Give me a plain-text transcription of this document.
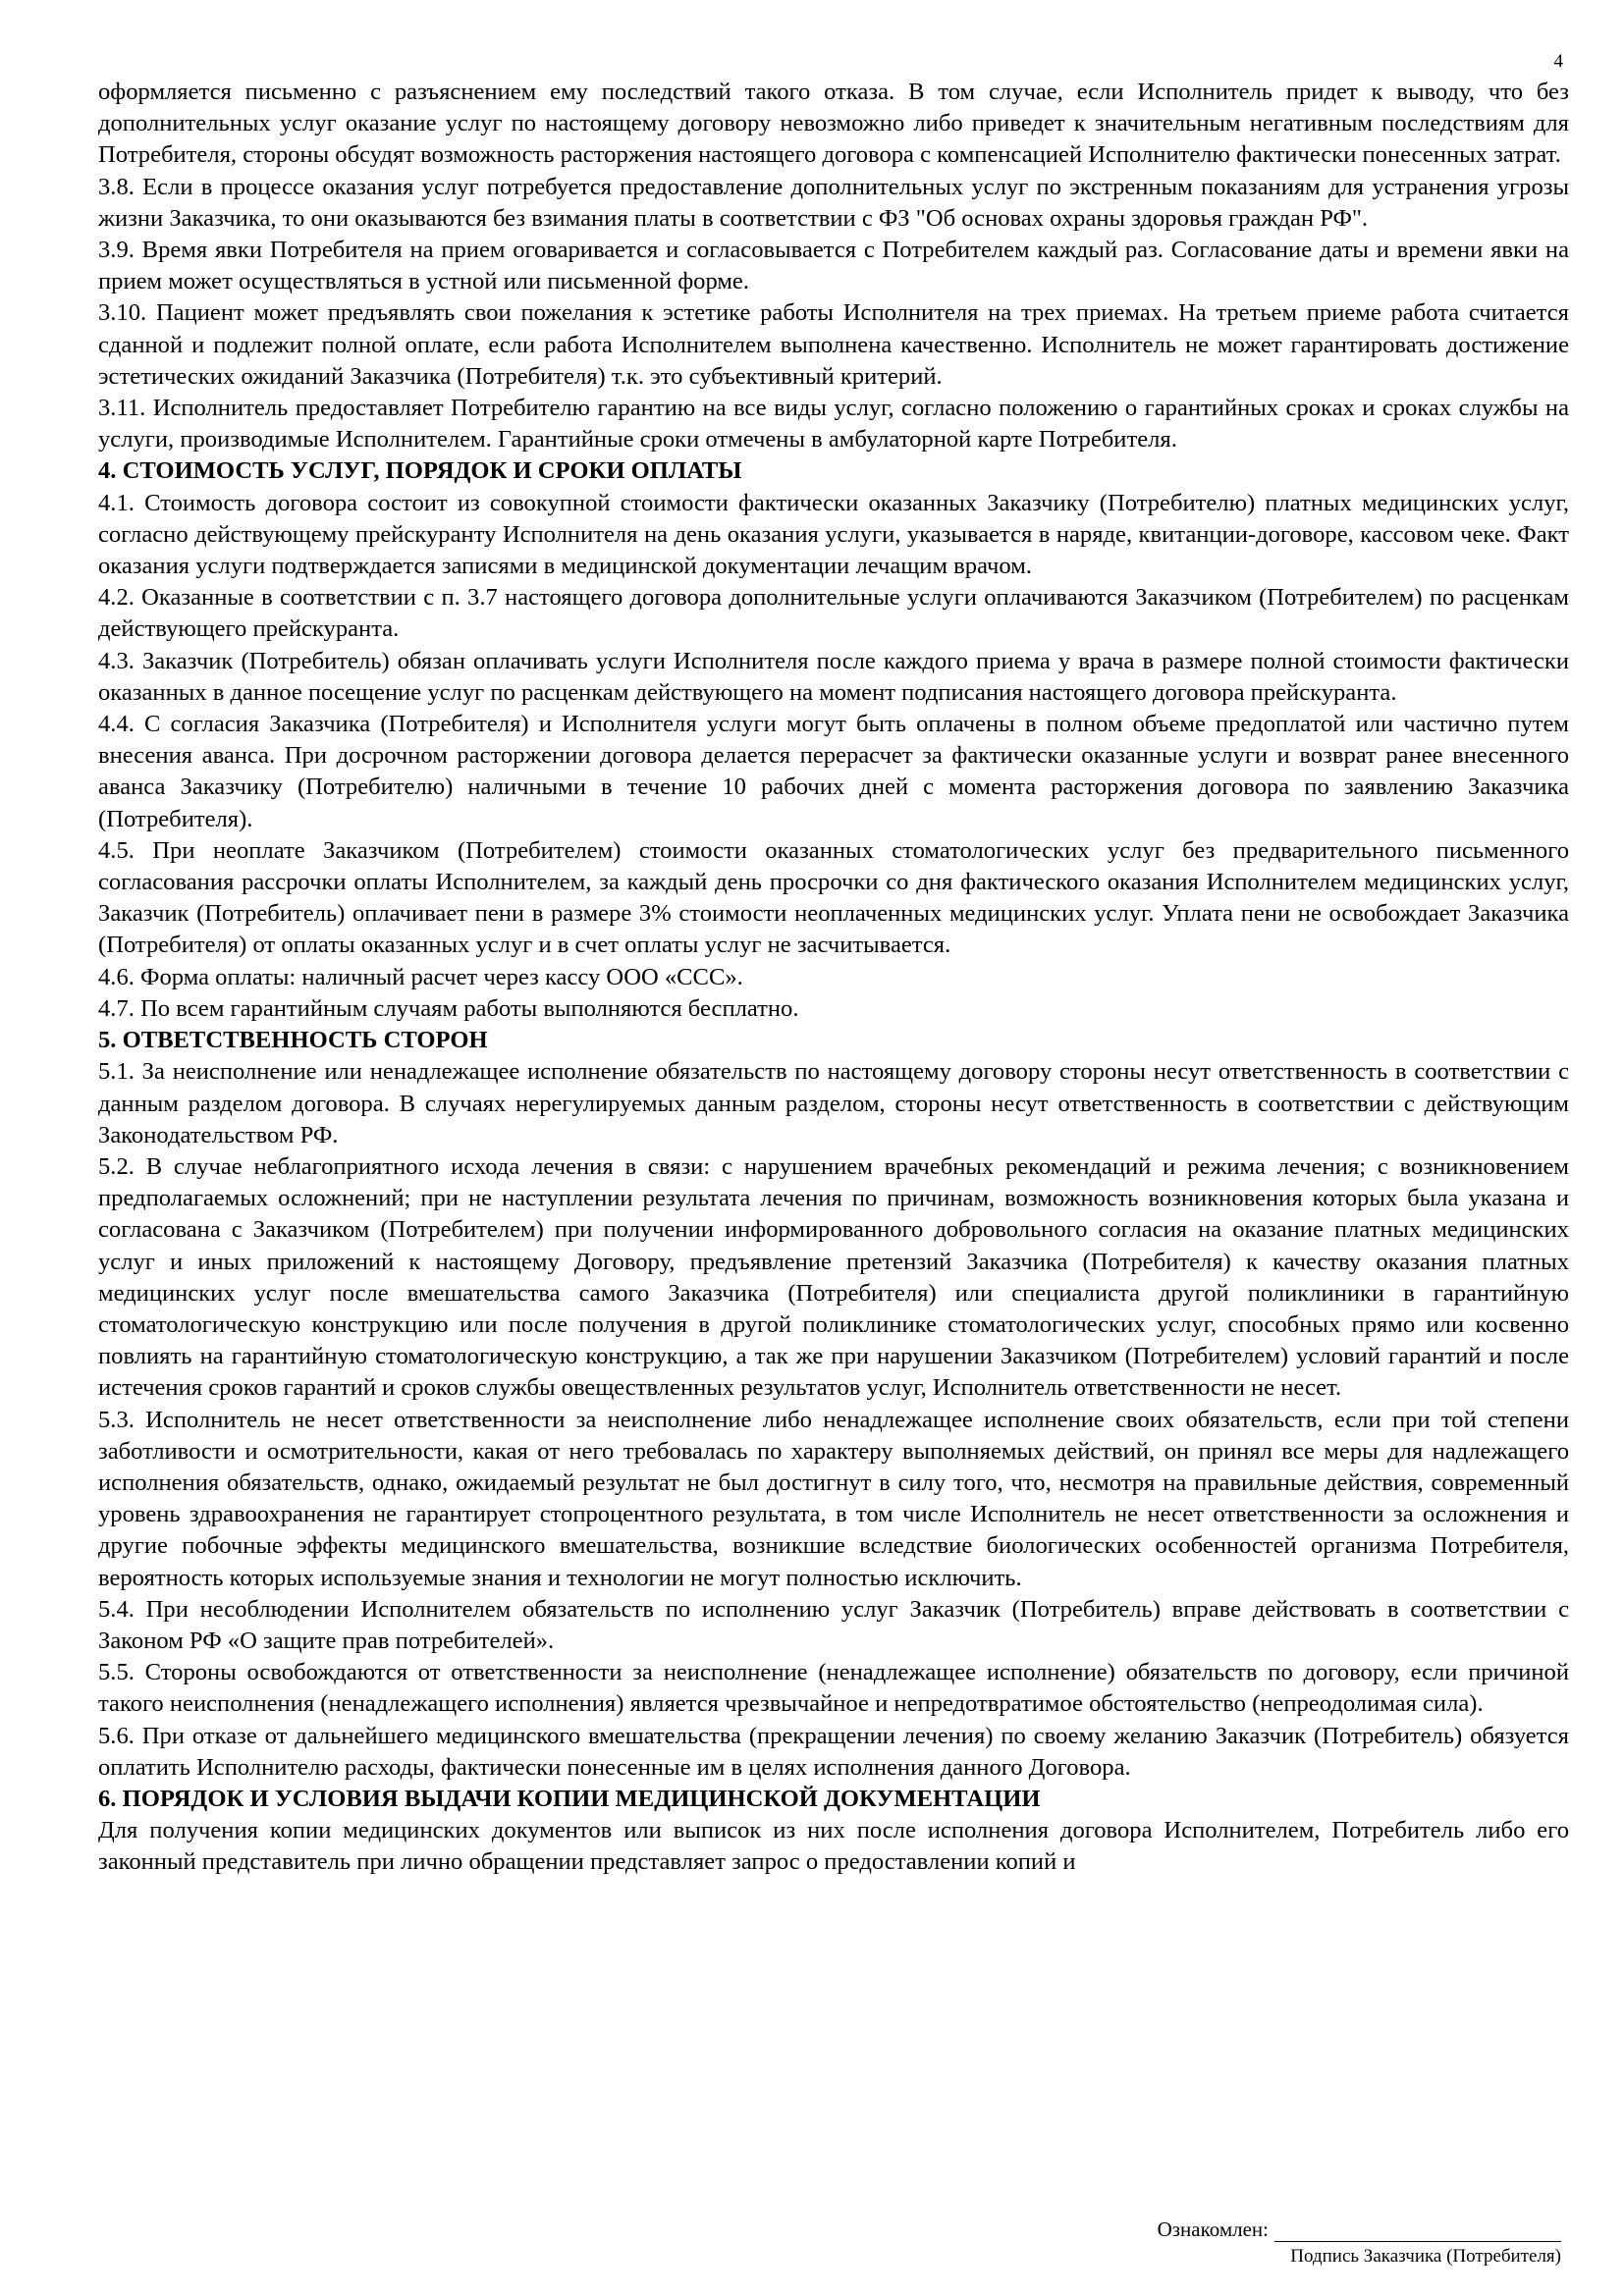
4

оформляется письменно с разъяснением ему последствий такого отказа. В том случае, если Исполнитель придет к выводу, что без дополнительных услуг оказание услуг по настоящему договору невозможно либо приведет к значительным негативным последствиям для Потребителя, стороны обсудят возможность расторжения настоящего договора с компенсацией Исполнителю фактически понесенных затрат.

3.8. Если в процессе оказания услуг потребуется предоставление дополнительных услуг по экстренным показаниям для устранения угрозы жизни Заказчика, то они оказываются без взимания платы в соответствии с ФЗ "Об основах охраны здоровья граждан РФ".

3.9. Время явки Потребителя на прием оговаривается и согласовывается с Потребителем каждый раз. Согласование даты и времени явки на прием может осуществляться в устной или письменной форме.

3.10. Пациент может предъявлять свои пожелания к эстетике работы Исполнителя на трех приемах. На третьем приеме работа считается сданной и подлежит полной оплате, если работа Исполнителем выполнена качественно. Исполнитель не может гарантировать достижение эстетических ожиданий Заказчика (Потребителя) т.к. это субъективный критерий.

3.11. Исполнитель предоставляет Потребителю гарантию на все виды услуг, согласно положению о гарантийных сроках и сроках службы на услуги, производимые Исполнителем. Гарантийные сроки отмечены в амбулаторной карте Потребителя.

4. СТОИМОСТЬ УСЛУГ, ПОРЯДОК И СРОКИ ОПЛАТЫ

4.1. Стоимость договора состоит из совокупной стоимости фактически оказанных Заказчику (Потребителю) платных медицинских услуг, согласно действующему прейскуранту Исполнителя на день оказания услуги, указывается в наряде, квитанции-договоре, кассовом чеке. Факт оказания услуги подтверждается записями в медицинской документации лечащим врачом.

4.2. Оказанные в соответствии с п. 3.7 настоящего договора дополнительные услуги оплачиваются Заказчиком (Потребителем) по расценкам действующего прейскуранта.

4.3. Заказчик (Потребитель) обязан оплачивать услуги Исполнителя после каждого приема у врача в размере полной стоимости фактически оказанных в данное посещение услуг по расценкам действующего на момент подписания настоящего договора прейскуранта.

4.4. С согласия Заказчика (Потребителя) и Исполнителя услуги могут быть оплачены в полном объеме предоплатой или частично путем внесения аванса. При досрочном расторжении договора делается перерасчет за фактически оказанные услуги и возврат ранее внесенного аванса Заказчику (Потребителю) наличными в течение 10 рабочих дней с момента расторжения договора по заявлению Заказчика (Потребителя).

4.5. При неоплате Заказчиком (Потребителем) стоимости оказанных стоматологических услуг без предварительного письменного согласования рассрочки оплаты Исполнителем, за каждый день просрочки со дня фактического оказания Исполнителем медицинских услуг, Заказчик (Потребитель) оплачивает пени в размере 3% стоимости неоплаченных медицинских услуг. Уплата пени не освобождает Заказчика (Потребителя) от оплаты оказанных услуг и в счет оплаты услуг не засчитывается.

4.6. Форма оплаты: наличный расчет через кассу ООО «ССС».

4.7. По всем гарантийным случаям работы выполняются бесплатно.

5. ОТВЕТСТВЕННОСТЬ СТОРОН

5.1. За неисполнение или ненадлежащее исполнение обязательств по настоящему договору стороны несут ответственность в соответствии с данным разделом договора. В случаях нерегулируемых данным разделом, стороны несут ответственность в соответствии с действующим Законодательством РФ.

5.2. В случае неблагоприятного исхода лечения в связи: с нарушением врачебных рекомендаций и режима лечения; с возникновением предполагаемых осложнений; при не наступлении результата лечения по причинам, возможность возникновения которых была указана и согласована с Заказчиком (Потребителем) при получении информированного добровольного согласия на оказание платных медицинских услуг и иных приложений к настоящему Договору, предъявление претензий Заказчика (Потребителя) к качеству оказания платных медицинских услуг после вмешательства самого Заказчика (Потребителя) или специалиста другой поликлиники в гарантийную стоматологическую конструкцию или после получения в другой поликлинике стоматологических услуг, способных прямо или косвенно повлиять на гарантийную стоматологическую конструкцию, а так же при нарушении Заказчиком (Потребителем) условий гарантий и после истечения сроков гарантий и сроков службы овеществленных результатов услуг, Исполнитель ответственности не несет.

5.3. Исполнитель не несет ответственности за неисполнение либо ненадлежащее исполнение своих обязательств, если при той степени заботливости и осмотрительности, какая от него требовалась по характеру выполняемых действий, он принял все меры для надлежащего исполнения обязательств, однако, ожидаемый результат не был достигнут в силу того, что, несмотря на правильные действия, современный уровень здравоохранения не гарантирует стопроцентного результата, в том числе Исполнитель не несет ответственности за осложнения и другие побочные эффекты медицинского вмешательства, возникшие вследствие биологических особенностей организма Потребителя, вероятность которых используемые знания и технологии не могут полностью исключить.

5.4. При несоблюдении Исполнителем обязательств по исполнению услуг Заказчик (Потребитель) вправе действовать в соответствии с Законом РФ «О защите прав потребителей».

5.5. Стороны освобождаются от ответственности за неисполнение (ненадлежащее исполнение) обязательств по договору, если причиной такого неисполнения (ненадлежащего исполнения) является чрезвычайное и непредотвратимое обстоятельство (непреодолимая сила).

5.6. При отказе от дальнейшего медицинского вмешательства (прекращении лечения) по своему желанию Заказчик (Потребитель) обязуется оплатить Исполнителю расходы, фактически понесенные им в целях исполнения данного Договора.

6. ПОРЯДОК И УСЛОВИЯ ВЫДАЧИ КОПИИ МЕДИЦИНСКОЙ ДОКУМЕНТАЦИИ

Для получения копии медицинских документов или выписок из них после исполнения договора Исполнителем, Потребитель либо его законный представитель при лично обращении представляет запрос о предоставлении копий и

Ознакомлен:
Подпись Заказчика (Потребителя)
